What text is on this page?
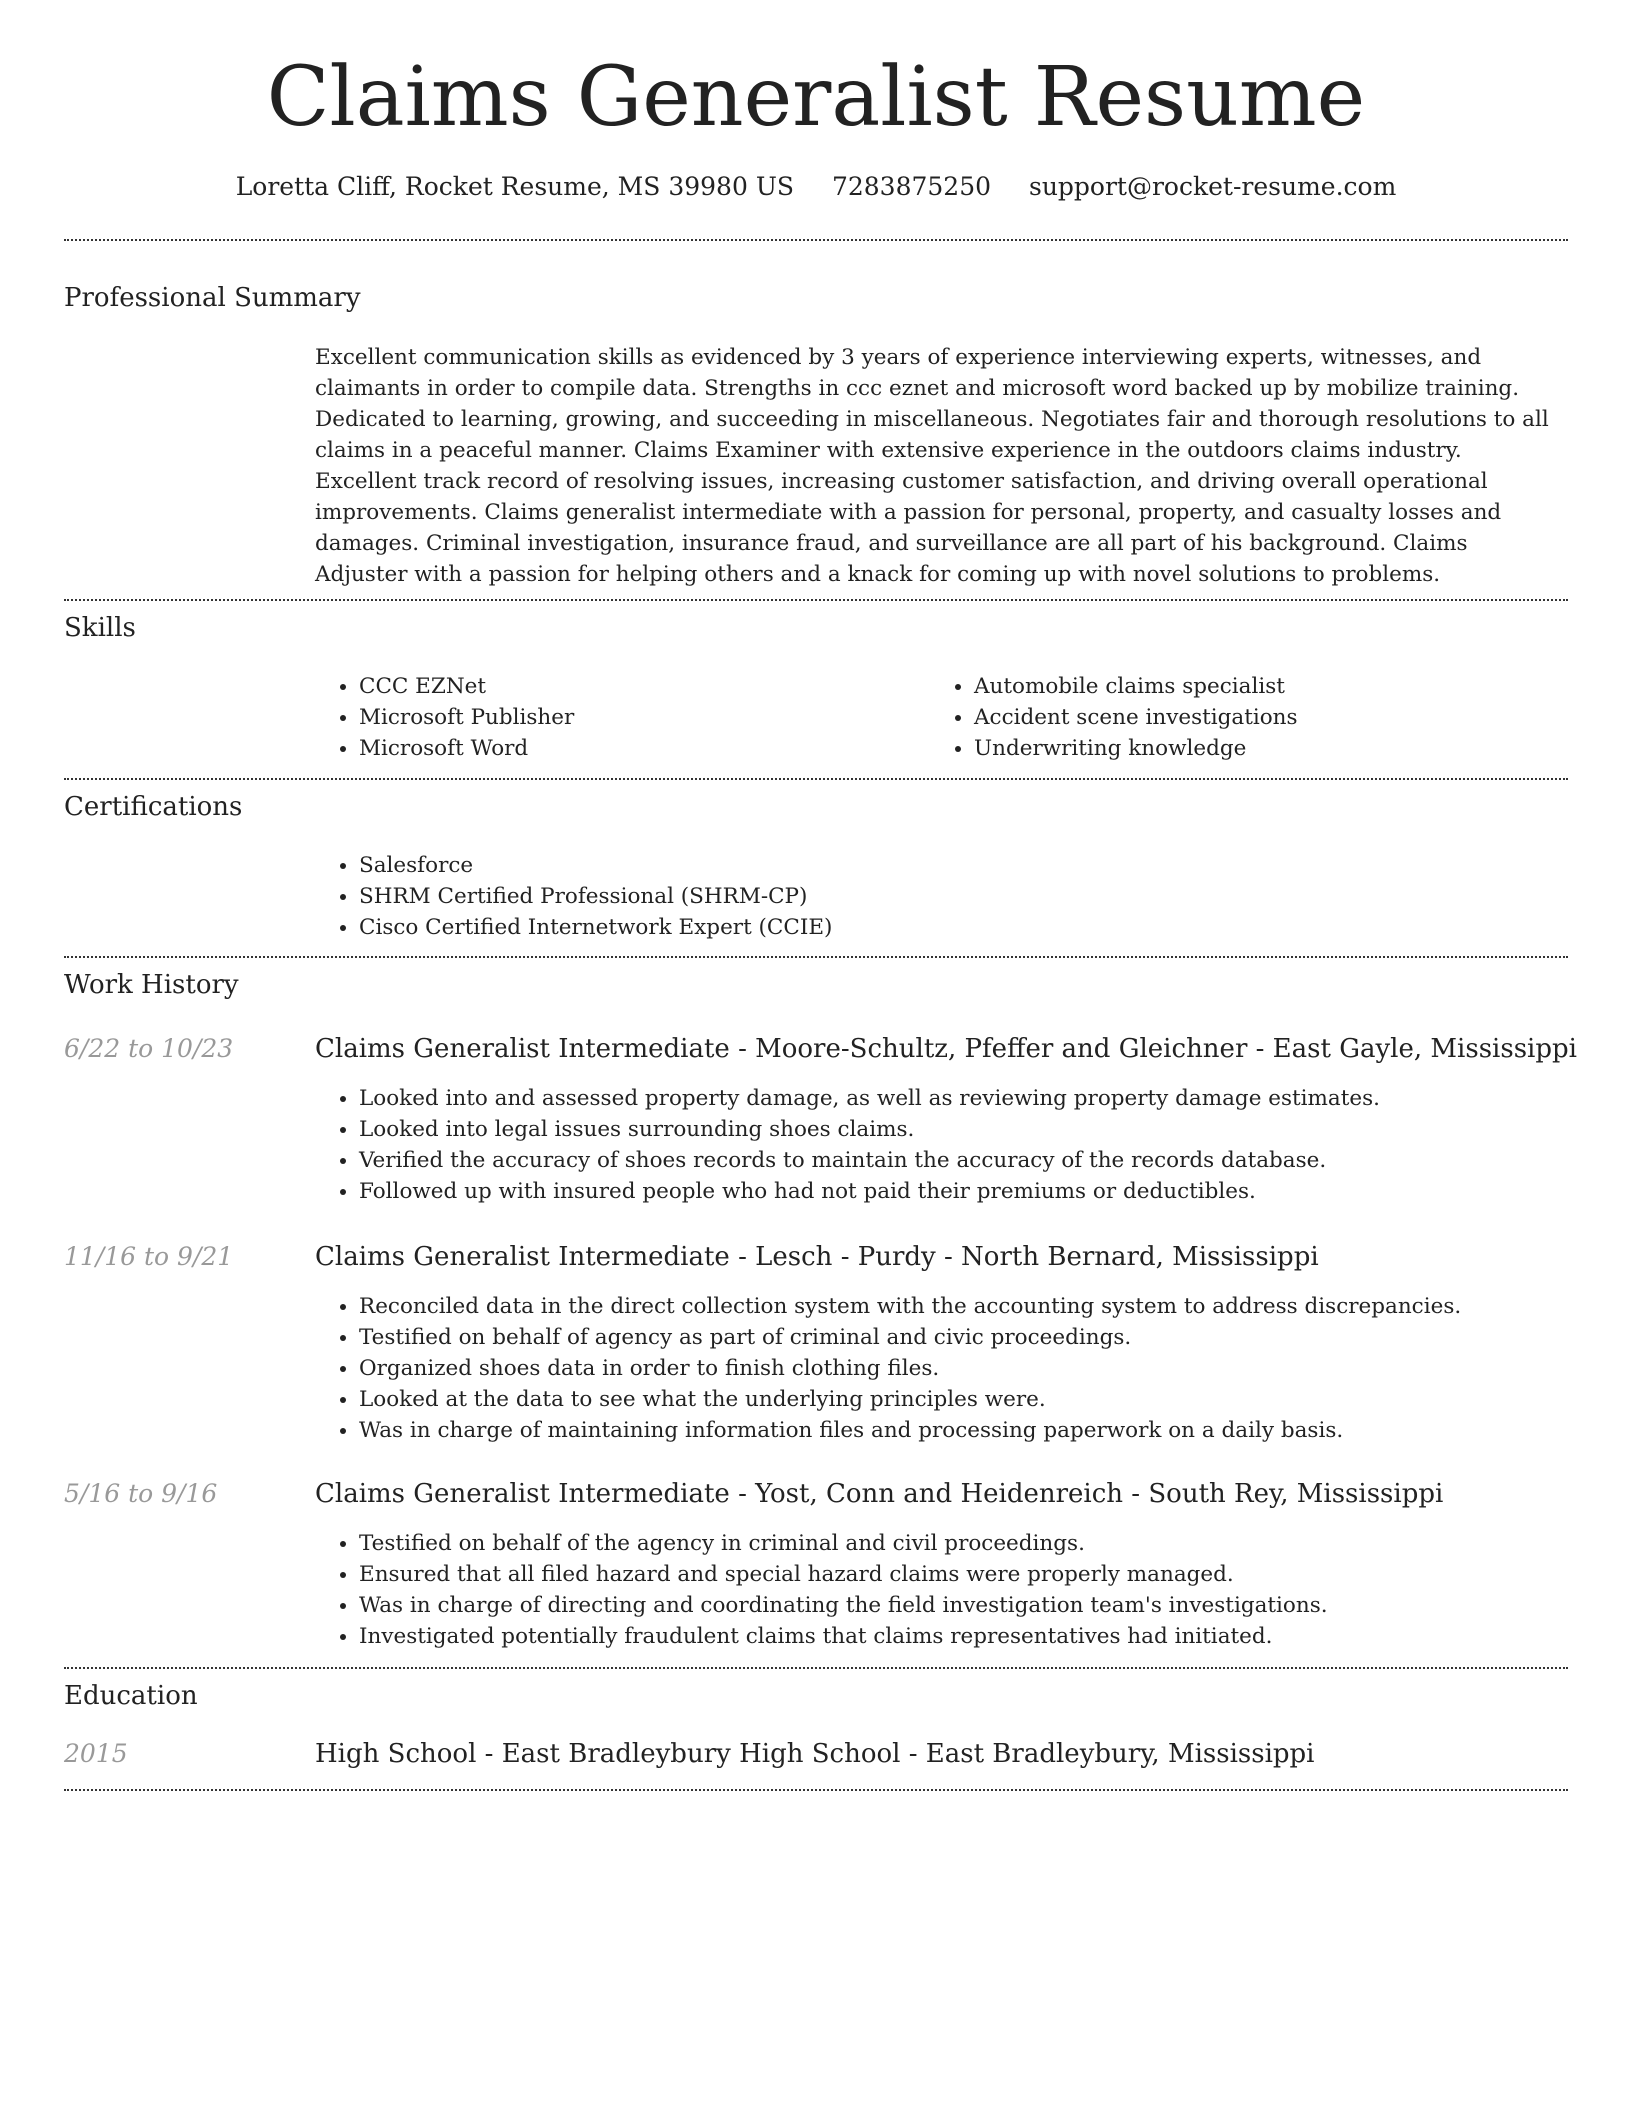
Claims Generalist Resume
Loretta Cliff, Rocket Resume, MS 39980 US 7283875250 support@rocket-resume.com
Professional Summary
Excellent communication skills as evidenced by 3 years of experience interviewing experts, witnesses, and claimants in order to compile data. Strengths in ccc eznet and microsoft word backed up by mobilize training. Dedicated to learning, growing, and succeeding in miscellaneous. Negotiates fair and thorough resolutions to all claims in a peaceful manner. Claims Examiner with extensive experience in the outdoors claims industry. Excellent track record of resolving issues, increasing customer satisfaction, and driving overall operational improvements. Claims generalist intermediate with a passion for personal, property, and casualty losses and damages. Criminal investigation, insurance fraud, and surveillance are all part of his background. Claims Adjuster with a passion for helping others and a knack for coming up with novel solutions to problems.
Skills
• CCC EZNet
• Microsoft Publisher
• Microsoft Word
• Automobile claims specialist
• Accident scene investigations
• Underwriting knowledge
Certifications
• Salesforce
• SHRM Certified Professional (SHRM-CP)
• Cisco Certified Internetwork Expert (CCIE)
Work History
6/22 to 10/23	Claims Generalist Intermediate - Moore-Schultz, Pfeffer and Gleichner - East Gayle, Mississippi
• Looked into and assessed property damage, as well as reviewing property damage estimates.
• Looked into legal issues surrounding shoes claims.
• Verified the accuracy of shoes records to maintain the accuracy of the records database.
• Followed up with insured people who had not paid their premiums or deductibles.
11/16 to 9/21	Claims Generalist Intermediate - Lesch - Purdy - North Bernard, Mississippi
• Reconciled data in the direct collection system with the accounting system to address discrepancies.
• Testified on behalf of agency as part of criminal and civic proceedings.
• Organized shoes data in order to finish clothing files.
• Looked at the data to see what the underlying principles were.
• Was in charge of maintaining information files and processing paperwork on a daily basis.
5/16 to 9/16	Claims Generalist Intermediate - Yost, Conn and Heidenreich - South Rey, Mississippi
• Testified on behalf of the agency in criminal and civil proceedings.
• Ensured that all filed hazard and special hazard claims were properly managed.
• Was in charge of directing and coordinating the field investigation team's investigations.
• Investigated potentially fraudulent claims that claims representatives had initiated.
Education
2015	High School - East Bradleybury High School - East Bradleybury, Mississippi
